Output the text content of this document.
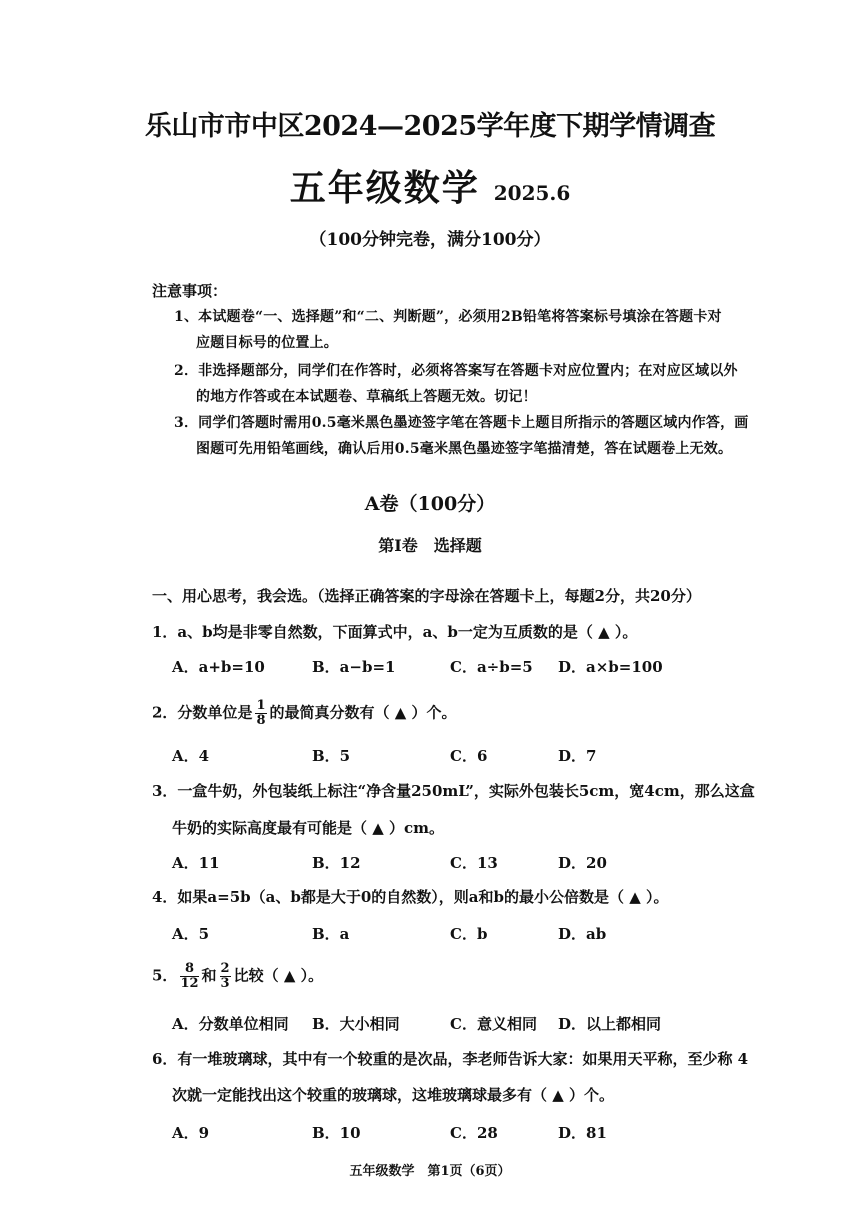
乐山市市中区2024—2025学年度下期学情调查
五年级数学 2025.6
（100分钟完卷，满分100分）
注意事项：
1、本试题卷“一、选择题”和“二、判断题”，必须用2B铅笔将答案标号填涂在答题卡对
应题目标号的位置上。
2．非选择题部分，同学们在作答时，必须将答案写在答题卡对应位置内；在对应区域以外
的地方作答或在本试题卷、草稿纸上答题无效。切记！
3．同学们答题时需用0.5毫米黑色墨迹签字笔在答题卡上题目所指示的答题区域内作答，画
图题可先用铅笔画线，确认后用0.5毫米黑色墨迹签字笔描清楚，答在试题卷上无效。
A卷（100分）
第Ⅰ卷　选择题
一、用心思考，我会选。（选择正确答案的字母涂在答题卡上，每题2分，共20分）
1．a、b均是非零自然数，下面算式中，a、b一定为互质数的是（ ▲ ）。
A．a+b=10	B．a−b=1	C．a÷b=5 D．a×b=100
2．分数单位是 $\frac{1}{8}$ 的最简真分数有（ ▲ ）个。
A．4	B．5	C．6	D．7
3．一盒牛奶，外包装纸上标注“净含量250mL”，实际外包装长5cm，宽4cm，那么这盒
牛奶的实际高度最有可能是（ ▲ ）cm。
A．11	B．12	C．13	D．20
4．如果a=5b（a、b都是大于0的自然数），则a和b的最小公倍数是（ ▲ ）。
A．5	B．a	C．b	D．ab
5． $\frac{8}{12}$ 和 $\frac{2}{3}$ 比较（ ▲ ）。
A．分数单位相同 B．大小相同	C．意义相同 D．以上都相同
6．有一堆玻璃球，其中有一个较重的是次品，李老师告诉大家：如果用天平称，至少称 4
次就一定能找出这个较重的玻璃球，这堆玻璃球最多有（ ▲ ）个。
A．9	B．10	C．28	D．81
五年级数学　第1页（6页）
